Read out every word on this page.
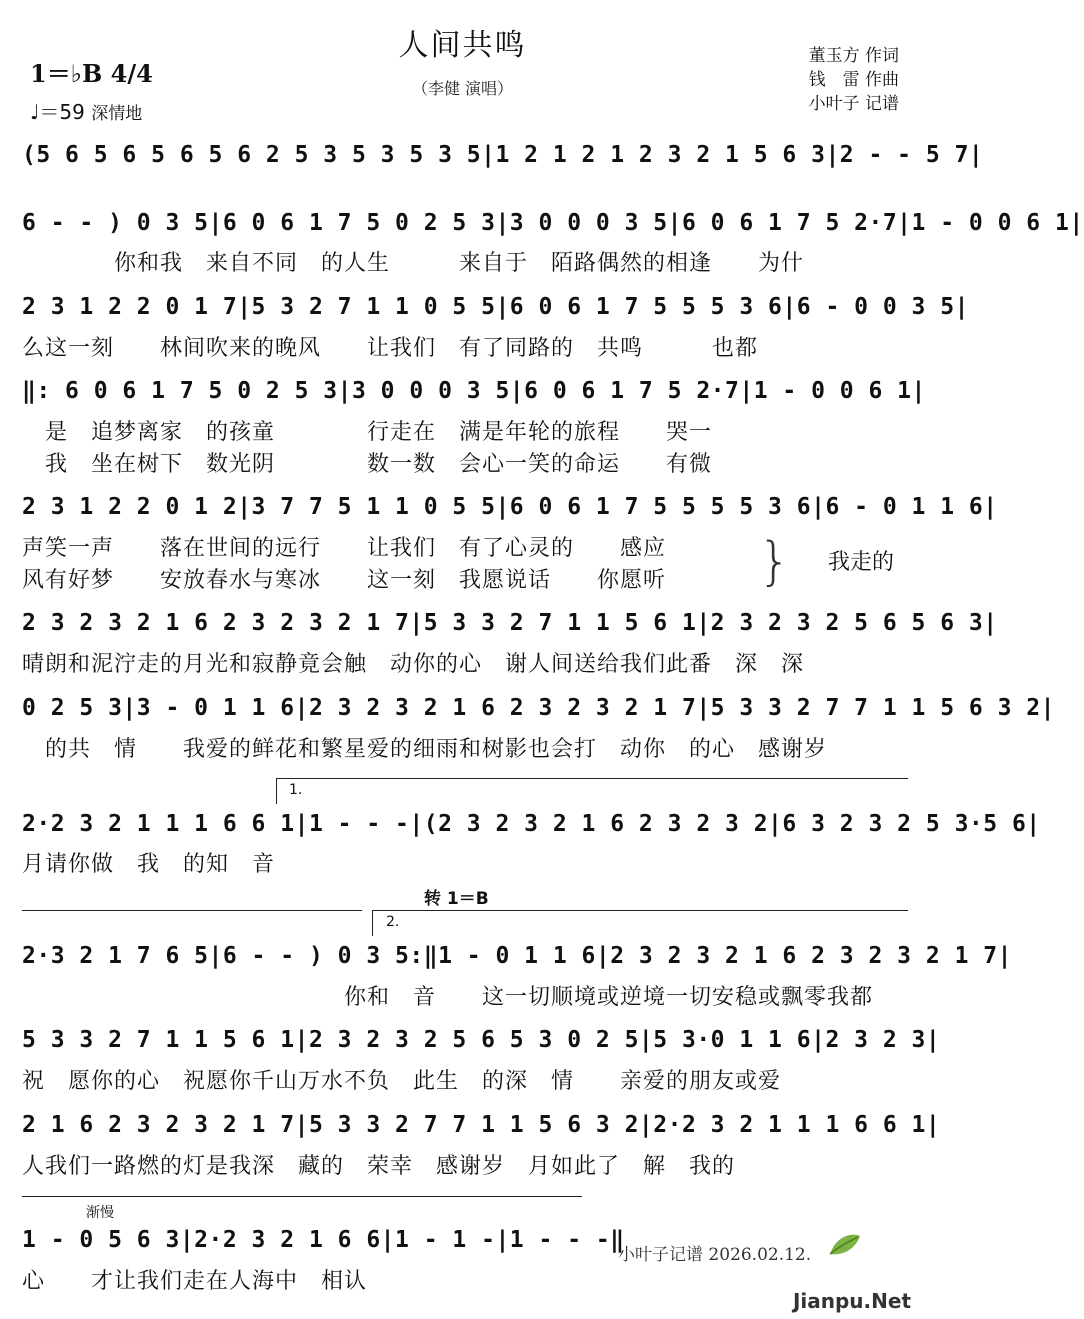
人间共鸣
（李健 演唱）
董玉方 作词
钱　雷 作曲
小叶子 记谱
1＝♭B 4/4
♩＝59 深情地
(5 6 5 6 5 6 5 6 2 5 3 5 3 5 3 5|1 2 1 2 1 2 3 2 1 5 6 3|2 - - 5 7|
6 - - ) 0 3 5|6 0 6 1 7 5 0 2 5 3|3 0 0 0 3 5|6 0 6 1 7 5 2·7|1 - 0 0 6 1|
　　　　你和我　来自不同　的人生　　　来自于　陌路偶然的相逢　　为什
2 3 1 2 2 0 1 7|5 3 2 7 1 1 0 5 5|6 0 6 1 7 5 5 5 3 6|6 - 0 0 3 5|
么这一刻　　林间吹来的晚风　　让我们　有了同路的　共鸣　　　也都
‖: 6 0 6 1 7 5 0 2 5 3|3 0 0 0 3 5|6 0 6 1 7 5 2·7|1 - 0 0 6 1|
　是　追梦离家　的孩童　　　　行走在　满是年轮的旅程　　哭一
　我　坐在树下　数光阴　　　　数一数　会心一笑的命运　　有微
2 3 1 2 2 0 1 2|3 7 7 5 1 1 0 5 5|6 0 6 1 7 5 5 5 5 3 6|6 - 0 1 1 6|
声笑一声　　落在世间的远行　　让我们　有了心灵的　　感应
风有好梦　　安放春水与寒冰　　这一刻　我愿说话　　你愿听	} 我走的
2 3 2 3 2 1 6 2 3 2 3 2 1 7|5 3 3 2 7 1 1 5 6 1|2 3 2 3 2 5 6 5 6 3|
晴朗和泥泞走的月光和寂静竟会触　动你的心　谢人间送给我们此番　深　深
0 2 5 3|3 - 0 1 1 6|2 3 2 3 2 1 6 2 3 2 3 2 1 7|5 3 3 2 7 7 1 1 5 6 3 2|
　的共　情　　我爱的鲜花和繁星爱的细雨和树影也会打　动你　的心　感谢岁
1.
2·2 3 2 1 1 1 6 6 1|1 - - -|(2 3 2 3 2 1 6 2 3 2 3 2|6 3 2 3 2 5 3·5 6|
月请你做　我　的知　音
转 1＝B
2.
2·3 2 1 7 6 5|6 - - ) 0 3 5:‖1 - 0 1 1 6|2 3 2 3 2 1 6 2 3 2 3 2 1 7|
　　　　　　　　　　　　　　你和　音　　这一切顺境或逆境一切安稳或飘零我都
5 3 3 2 7 1 1 5 6 1|2 3 2 3 2 5 6 5 3 0 2 5|5 3·0 1 1 6|2 3 2 3|
祝　愿你的心　祝愿你千山万水不负　此生　的深　情　　亲爱的朋友或爱
2 1 6 2 3 2 3 2 1 7|5 3 3 2 7 7 1 1 5 6 3 2|2·2 3 2 1 1 1 6 6 1|
人我们一路燃的灯是我深　藏的　荣幸　感谢岁　月如此了　解　我的
渐慢
1 - 0 5 6 3|2·2 3 2 1 6 6|1 - 1 -|1 - - -‖
心　　才让我们走在人海中　相认
小叶子记谱 2026.02.12.
Jianpu.Net
